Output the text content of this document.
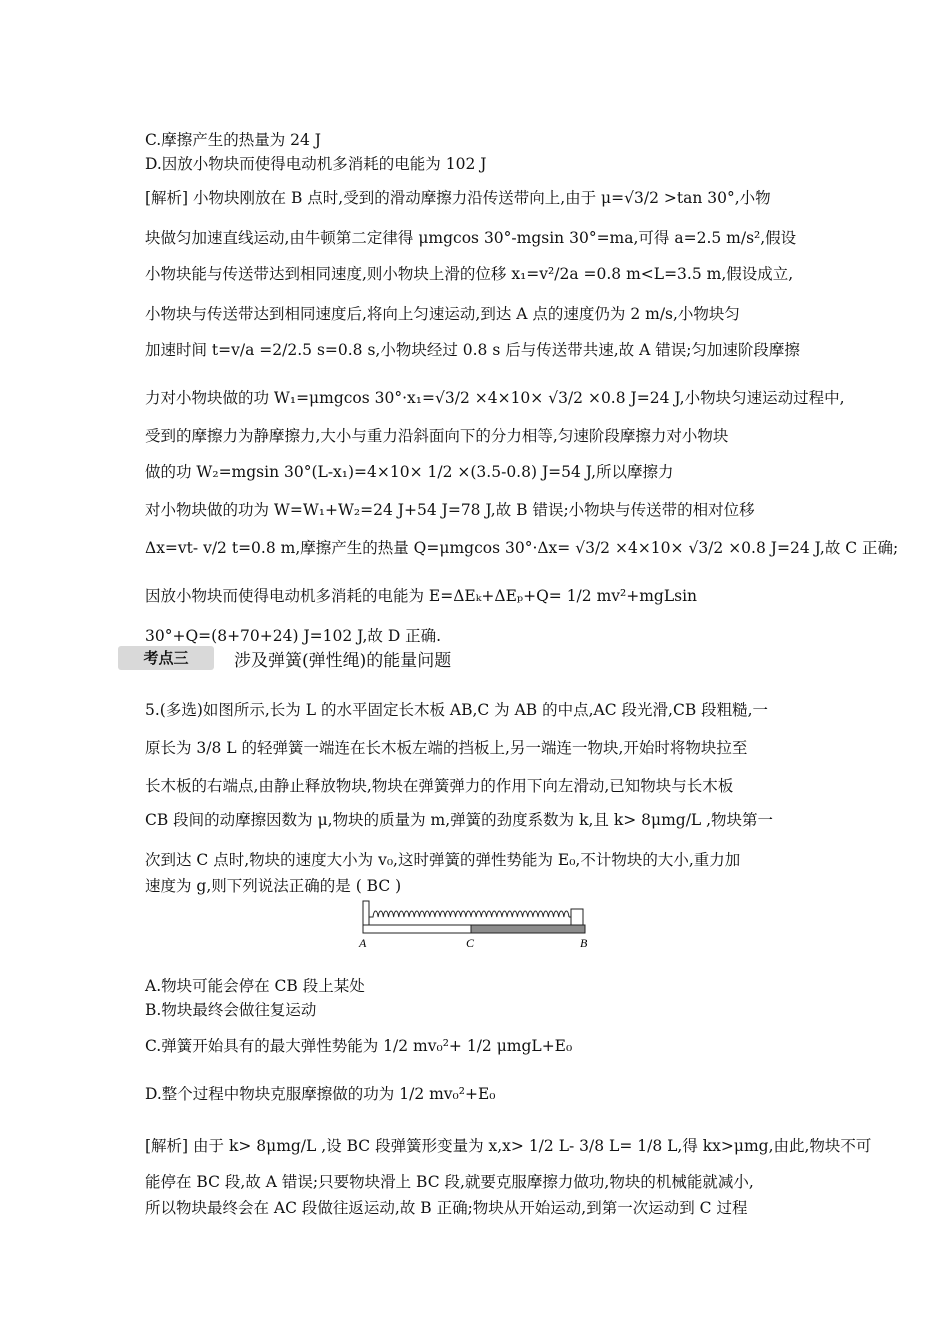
C.摩擦产生的热量为 24 J
D.因放小物块而使得电动机多消耗的电能为 102 J
[解析] 小物块刚放在 B 点时,受到的滑动摩擦力沿传送带向上,由于 μ=√3/2 >tan 30°,小物
块做匀加速直线运动,由牛顿第二定律得 μmgcos 30°-mgsin 30°=ma,可得 a=2.5 m/s²,假设
小物块能与传送带达到相同速度,则小物块上滑的位移 x₁=v²/2a =0.8 m<L=3.5 m,假设成立,
小物块与传送带达到相同速度后,将向上匀速运动,到达 A 点的速度仍为 2 m/s,小物块匀
加速时间 t=v/a =2/2.5 s=0.8 s,小物块经过 0.8 s 后与传送带共速,故 A 错误;匀加速阶段摩擦
力对小物块做的功 W₁=μmgcos 30°·x₁=√3/2 ×4×10× √3/2 ×0.8 J=24 J,小物块匀速运动过程中,
受到的摩擦力为静摩擦力,大小与重力沿斜面向下的分力相等,匀速阶段摩擦力对小物块
做的功 W₂=mgsin 30°(L-x₁)=4×10× 1/2 ×(3.5-0.8) J=54 J,所以摩擦力
对小物块做的功为 W=W₁+W₂=24 J+54 J=78 J,故 B 错误;小物块与传送带的相对位移
Δx=vt- v/2 t=0.8 m,摩擦产生的热量 Q=μmgcos 30°·Δx= √3/2 ×4×10× √3/2 ×0.8 J=24 J,故 C 正确;
因放小物块而使得电动机多消耗的电能为 E=ΔEₖ+ΔEₚ+Q= 1/2 mv²+mgLsin
30°+Q=(8+70+24) J=102 J,故 D 正确.
考点三	涉及弹簧(弹性绳)的能量问题
5.(多选)如图所示,长为 L 的水平固定长木板 AB,C 为 AB 的中点,AC 段光滑,CB 段粗糙,一
原长为 3/8 L 的轻弹簧一端连在长木板左端的挡板上,另一端连一物块,开始时将物块拉至
长木板的右端点,由静止释放物块,物块在弹簧弹力的作用下向左滑动,已知物块与长木板
CB 段间的动摩擦因数为 μ,物块的质量为 m,弹簧的劲度系数为 k,且 k> 8μmg/L ,物块第一
次到达 C 点时,物块的速度大小为 v₀,这时弹簧的弹性势能为 E₀,不计物块的大小,重力加
速度为 g,则下列说法正确的是 ( BC )
A	C	B
A.物块可能会停在 CB 段上某处
B.物块最终会做往复运动
C.弹簧开始具有的最大弹性势能为 1/2 mv₀²+ 1/2 μmgL+E₀
D.整个过程中物块克服摩擦做的功为 1/2 mv₀²+E₀
[解析] 由于 k> 8μmg/L ,设 BC 段弹簧形变量为 x,x> 1/2 L- 3/8 L= 1/8 L,得 kx>μmg,由此,物块不可
能停在 BC 段,故 A 错误;只要物块滑上 BC 段,就要克服摩擦力做功,物块的机械能就减小,
所以物块最终会在 AC 段做往返运动,故 B 正确;物块从开始运动,到第一次运动到 C 过程
